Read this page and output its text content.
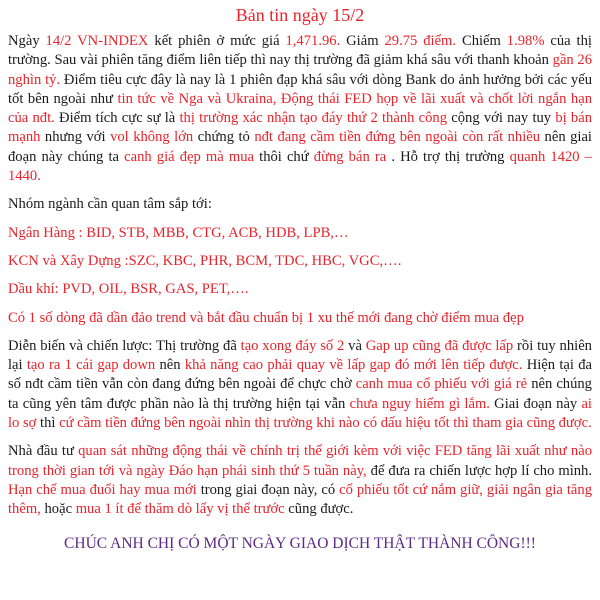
Bản tin ngày 15/2

Ngày 14/2 VN-INDEX kết phiên ở mức giá 1,471.96. Giảm 29.75 điểm. Chiếm 1.98% của thị trường. Sau vài phiên tăng điểm liên tiếp thì nay thị trường đã giảm khá sâu với thanh khoản gần 26 nghìn tỷ. Điểm tiêu cực đây là nay là 1 phiên đạp khá sâu với dòng Bank do ảnh hưởng bởi các yếu tốt bên ngoài như tin tức về Nga và Ukraina, Động thái FED họp về lãi xuất và chốt lời ngắn hạn của nđt. Điểm tích cực sự là thị trường xác nhận tạo đáy thứ 2 thành công cộng với nay tuy bị bán mạnh nhưng với vol không lớn chứng tỏ nđt đang cầm tiền đứng bên ngoài còn rất nhiều nên giai đoạn này chúng ta canh giá đẹp mà mua thôi chứ đừng bán ra . Hỗ trợ thị trường quanh 1420 – 1440.

Nhóm ngành cần quan tâm sắp tới:

Ngân Hàng : BID, STB, MBB, CTG, ACB, HDB, LPB,…

KCN và Xây Dựng :SZC, KBC, PHR, BCM, TDC, HBC, VGC,….

Dầu khí: PVD, OIL, BSR, GAS, PET,….

Có 1 số dòng đã dần đảo trend và bắt đầu chuẩn bị 1 xu thế mới đang chờ điểm mua đẹp

Diễn biến và chiến lược: Thị trường đã tạo xong đáy số 2 và Gap up cũng đã được lấp rồi tuy nhiên lại tạo ra 1 cái gap down nên khả năng cao phải quay về lấp gap đó mới lên tiếp được. Hiện tại đa số nđt cầm tiền vẫn còn đang đứng bên ngoài để chực chờ canh mua cổ phiếu với giá rẻ nên chúng ta cũng yên tâm được phần nào là thị trường hiện tại vẫn chưa nguy hiểm gì lắm. Giai đoạn này ai lo sợ thì cứ cầm tiền đứng bên ngoài nhìn thị trường khi nào có dấu hiệu tốt thì tham gia cũng được.

Nhà đầu tư quan sát những động thái về chính trị thế giới kèm với việc FED tăng lãi xuất như nào trong thời gian tới và ngày Đáo hạn phái sinh thứ 5 tuần này, để đưa ra chiến lược hợp lí cho mình. Hạn chế mua đuổi hay mua mới trong giai đoạn này, có cổ phiếu tốt cứ nắm giữ, giải ngân gia tăng thêm, hoặc mua 1 ít để thăm dò lấy vị thế trước cũng được.

CHÚC ANH CHỊ CÓ MỘT NGÀY GIAO DỊCH THẬT THÀNH CÔNG!!!
